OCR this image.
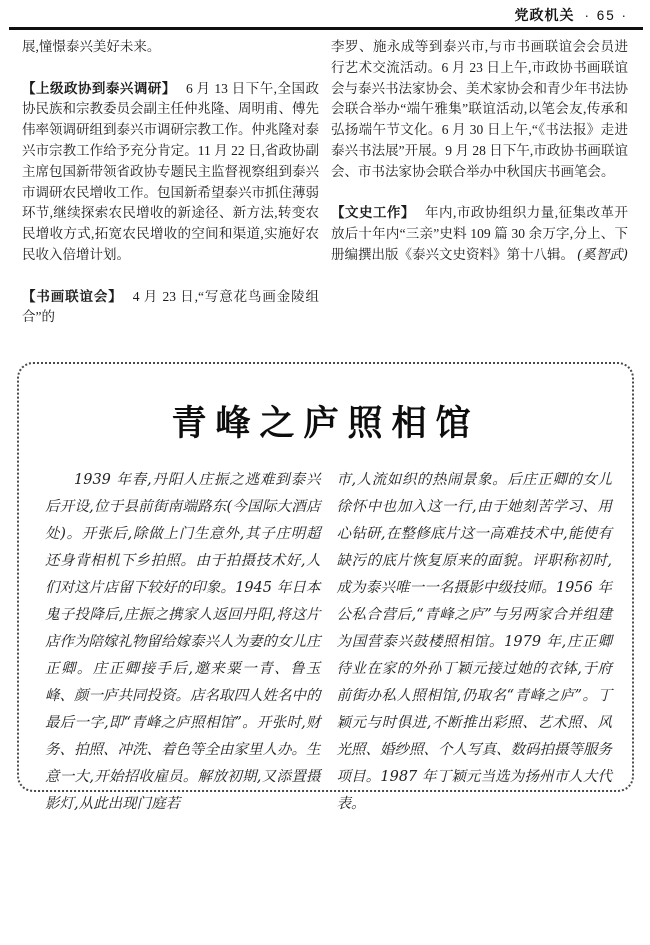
党政机关 · 65 ·

展,憧憬泰兴美好未来。

【上级政协到泰兴调研】 6 月 13 日下午,全国政协民族和宗教委员会副主任仲兆隆、周明甫、傅先伟率领调研组到泰兴市调研宗教工作。仲兆隆对泰兴市宗教工作给予充分肯定。11 月 22 日,省政协副主席包国新带领省政协专题民主监督视察组到泰兴市调研农民增收工作。包国新希望泰兴市抓住薄弱环节,继续探索农民增收的新途径、新方法,转变农民增收方式,拓宽农民增收的空间和渠道,实施好农民收入倍增计划。

【书画联谊会】 4 月 23 日,“写意花鸟画金陵组合”的

李罗、施永成等到泰兴市,与市书画联谊会会员进行艺术交流活动。6 月 23 日上午,市政协书画联谊会与泰兴书法家协会、美术家协会和青少年书法协会联合举办“端午雅集”联谊活动,以笔会友,传承和弘扬端午节文化。6 月 30 日上午,“《书法报》走进泰兴书法展”开展。9 月 28 日下午,市政协书画联谊会、市书法家协会联合举办中秋国庆书画笔会。

【文史工作】 年内,市政协组织力量,征集改革开放后十年内“三亲”史料 109 篇 30 余万字,分上、下册编撰出版《泰兴文史资料》第十八辑。 (奚智武)

青峰之庐照相馆
1939 年春,丹阳人庄振之逃难到泰兴后开设,位于县前街南端路东(今国际大酒店处)。开张后,除做上门生意外,其子庄明超还身背相机下乡拍照。由于拍摄技术好,人们对这片店留下较好的印象。1945 年日本鬼子投降后,庄振之携家人返回丹阳,将这片店作为陪嫁礼物留给嫁泰兴人为妻的女儿庄正卿。庄正卿接手后,邀来粟一青、鲁玉峰、颜一庐共同投资。店名取四人姓名中的最后一字,即“青峰之庐照相馆”。开张时,财务、拍照、冲洗、着色等全由家里人办。生意一大,开始招收雇员。解放初期,又添置摄影灯,从此出现门庭若
市,人流如织的热闹景象。后庄正卿的女儿徐怀中也加入这一行,由于她刻苦学习、用心钻研,在整修底片这一高难技术中,能使有缺污的底片恢复原来的面貌。评职称初时,成为泰兴唯一一名摄影中级技师。1956 年公私合营后,“青峰之庐”与另两家合并组建为国营泰兴鼓楼照相馆。1979 年,庄正卿待业在家的外孙丁颖元接过她的衣钵,于府前街办私人照相馆,仍取名“青峰之庐”。丁颖元与时俱进,不断推出彩照、艺术照、风光照、婚纱照、个人写真、数码拍摄等服务项目。1987 年丁颖元当选为扬州市人大代表。
